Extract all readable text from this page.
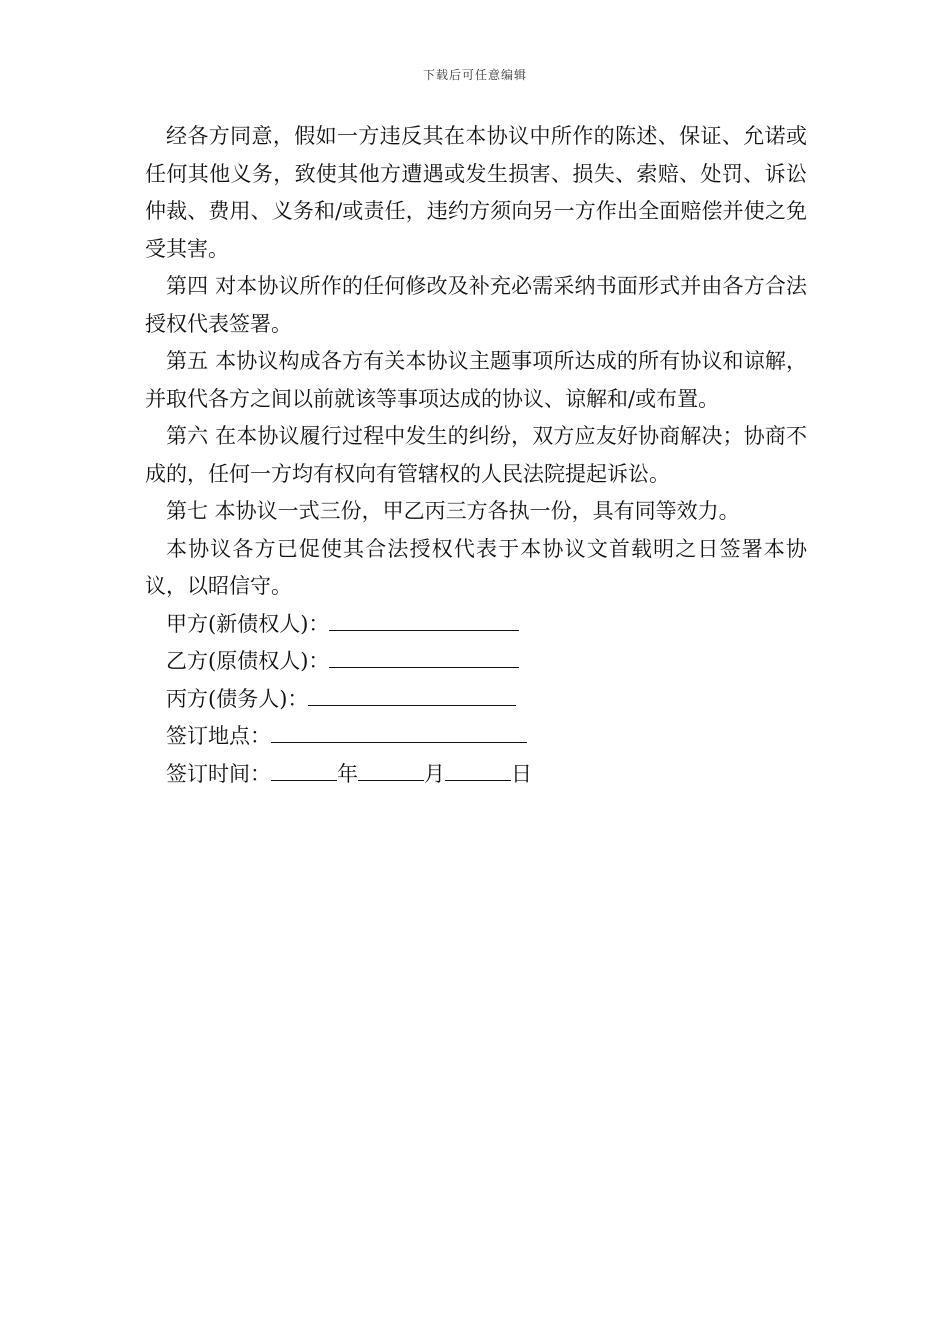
下载后可任意编辑

经各方同意，假如一方违反其在本协议中所作的陈述、保证、允诺或任何其他义务，致使其他方遭遇或发生损害、损失、索赔、处罚、诉讼仲裁、费用、义务和/或责任，违约方须向另一方作出全面赔偿并使之免受其害。

第四 对本协议所作的任何修改及补充必需采纳书面形式并由各方合法授权代表签署。

第五 本协议构成各方有关本协议主题事项所达成的所有协议和谅解，并取代各方之间以前就该等事项达成的协议、谅解和/或布置。

第六 在本协议履行过程中发生的纠纷，双方应友好协商解决；协商不成的，任何一方均有权向有管辖权的人民法院提起诉讼。

第七 本协议一式三份，甲乙丙三方各执一份，具有同等效力。

本协议各方已促使其合法授权代表于本协议文首载明之日签署本协议，以昭信守。

甲方(新债权人)：

乙方(原债权人)：

丙方(债务人)：

签订地点：

签订时间：	年	月	日
